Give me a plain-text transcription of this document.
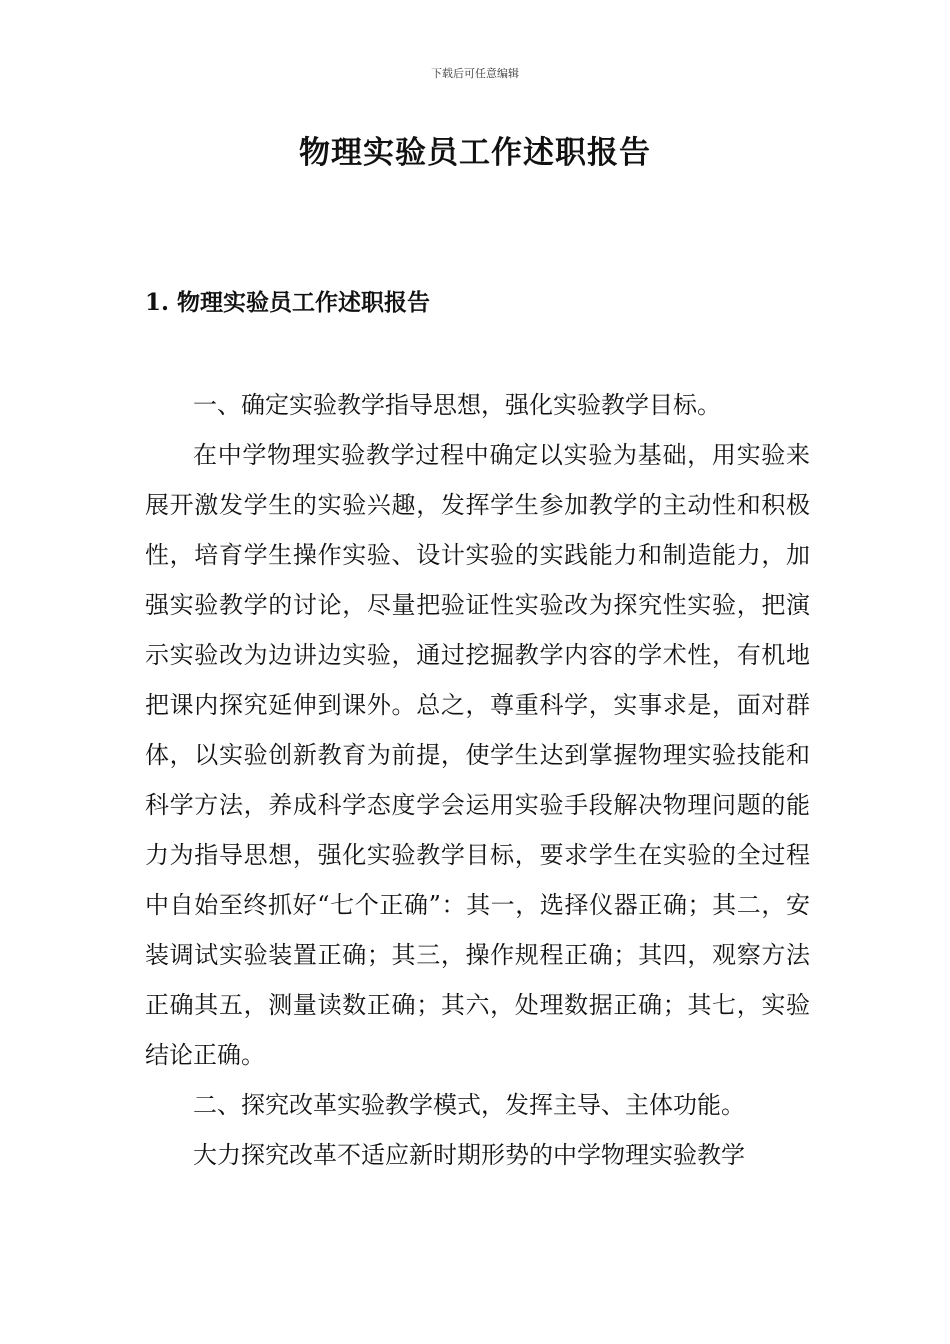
下载后可任意编辑
物理实验员工作述职报告
1. 物理实验员工作述职报告

一、确定实验教学指导思想，强化实验教学目标。

在中学物理实验教学过程中确定以实验为基础，用实验来展开激发学生的实验兴趣，发挥学生参加教学的主动性和积极性，培育学生操作实验、设计实验的实践能力和制造能力，加强实验教学的讨论，尽量把验证性实验改为探究性实验，把演示实验改为边讲边实验，通过挖掘教学内容的学术性，有机地把课内探究延伸到课外。总之，尊重科学，实事求是，面对群体，以实验创新教育为前提，使学生达到掌握物理实验技能和科学方法，养成科学态度学会运用实验手段解决物理问题的能力为指导思想，强化实验教学目标，要求学生在实验的全过程中自始至终抓好“七个正确”：其一，选择仪器正确；其二，安装调试实验装置正确；其三，操作规程正确；其四，观察方法正确其五，测量读数正确；其六，处理数据正确；其七，实验结论正确。

二、探究改革实验教学模式，发挥主导、主体功能。

大力探究改革不适应新时期形势的中学物理实验教学
